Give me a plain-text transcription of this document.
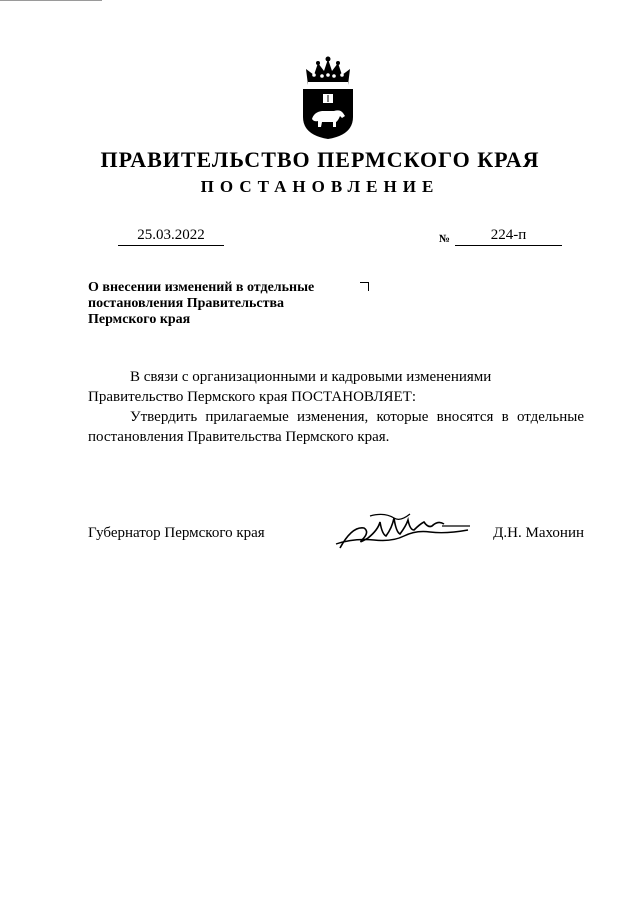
ПРАВИТЕЛЬСТВО ПЕРМСКОГО КРАЯ
ПОСТАНОВЛЕНИЕ
25.03.2022	№	224-п
О внесении изменений в отдельные
постановления Правительства
Пермского края

В связи с организационными и кадровыми изменениями

Правительство Пермского края ПОСТАНОВЛЯЕТ:

Утвердить прилагаемые изменения, которые вносятся в отдельные

постановления Правительства Пермского края.

Губернатор Пермского края	Д.Н. Махонин
